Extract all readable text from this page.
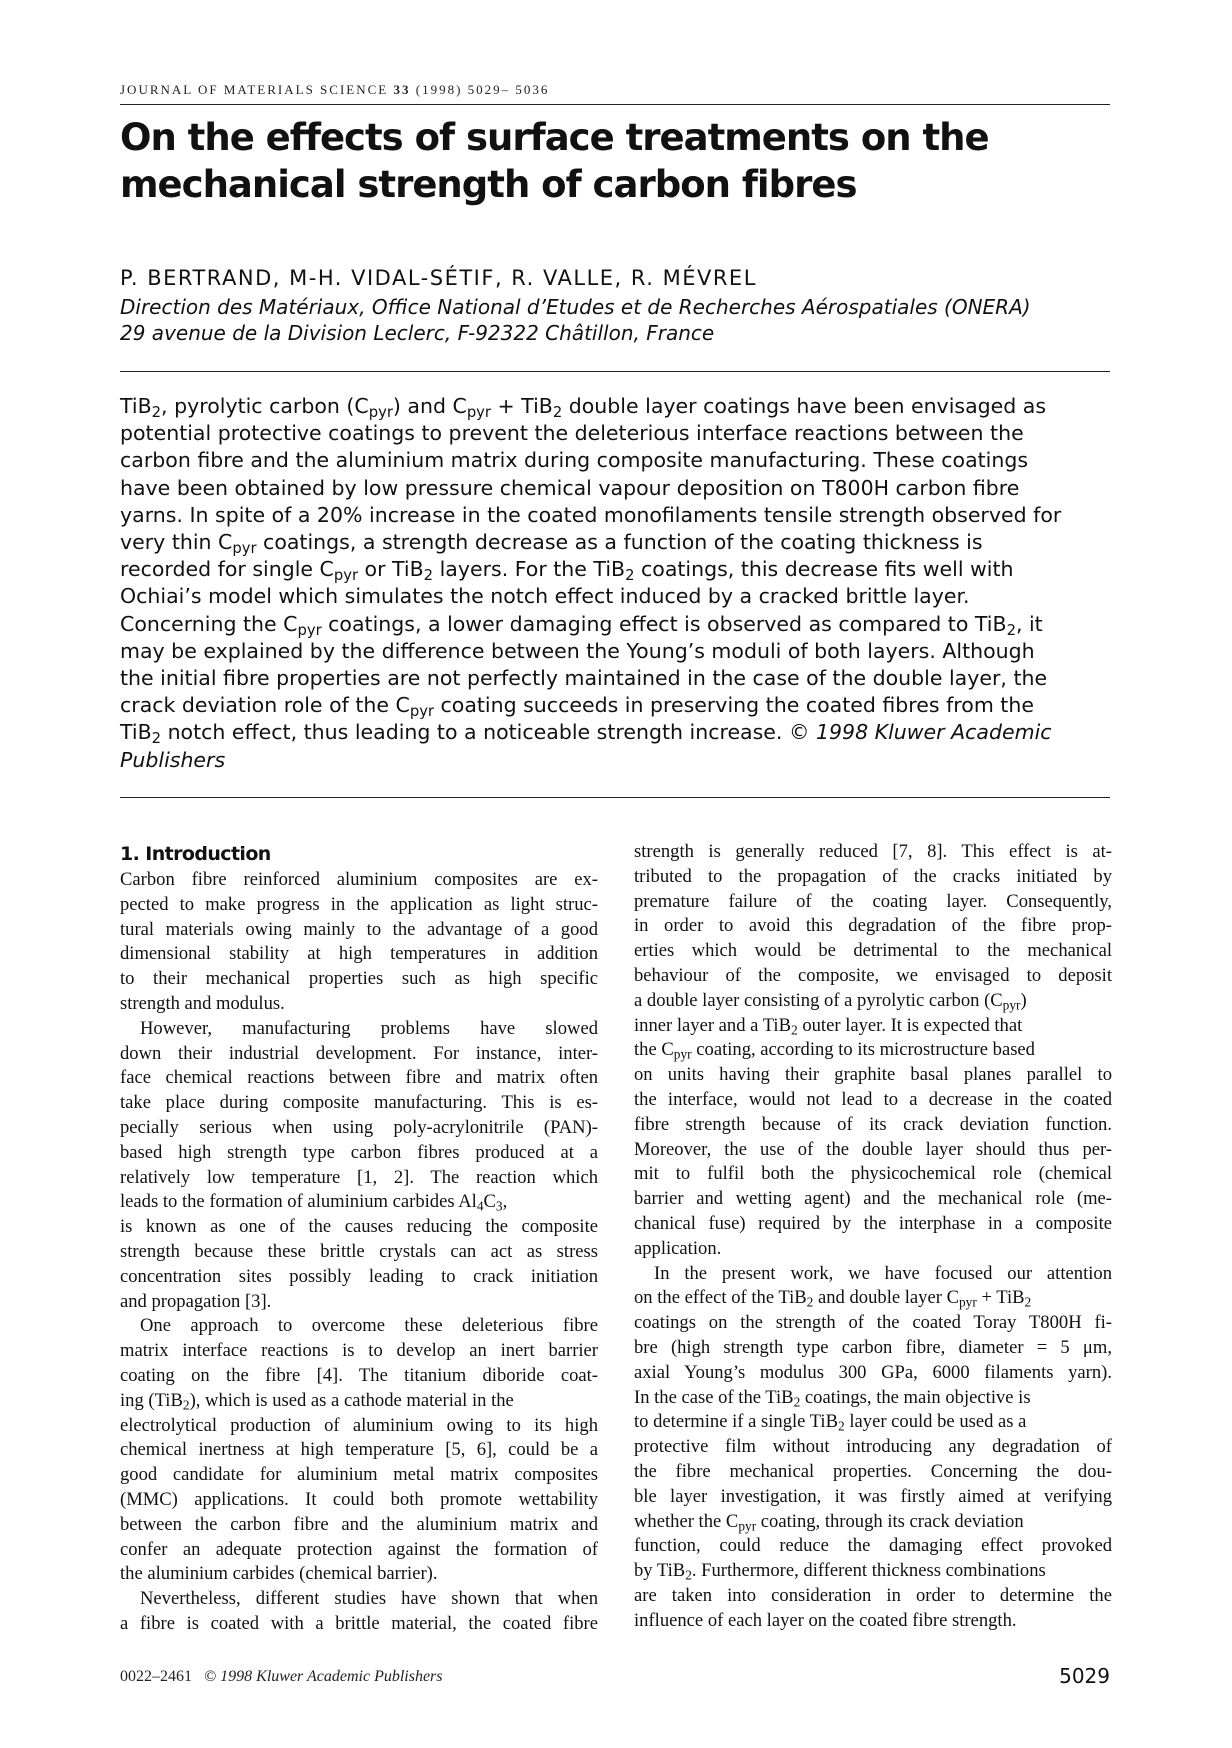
JOURNAL OF MATERIALS SCIENCE 33 (1998) 5029– 5036
On the effects of surface treatments on the
mechanical strength of carbon fibres
P. BERTRAND, M-H. VIDAL-SÉTIF, R. VALLE, R. MÉVREL
Direction des Matériaux, Office National d’Etudes et de Recherches Aérospatiales (ONERA)
29 avenue de la Division Leclerc, F-92322 Châtillon, France
TiB$_2$, pyrolytic carbon $(C_{pyr})$ and $C_{pyr} + TiB_2$ double layer coatings have been envisaged as
potential protective coatings to prevent the deleterious interface reactions between the
carbon fibre and the aluminium matrix during composite manufacturing. These coatings
have been obtained by low pressure chemical vapour deposition on T800H carbon fibre
yarns. In spite of a 20% increase in the coated monofilaments tensile strength observed for
very thin $C_{pyr}$ coatings, a strength decrease as a function of the coating thickness is
recorded for single $C_{pyr}$ or TiB$_2$ layers. For the TiB$_2$ coatings, this decrease fits well with
Ochiai’s model which simulates the notch effect induced by a cracked brittle layer.
Concerning the $C_{pyr}$ coatings, a lower damaging effect is observed as compared to TiB$_2$, it
may be explained by the difference between the Young’s moduli of both layers. Although
the initial fibre properties are not perfectly maintained in the case of the double layer, the
crack deviation role of the $C_{pyr}$ coating succeeds in preserving the coated fibres from the
TiB$_2$ notch effect, thus leading to a noticeable strength increase. © 1998 Kluwer Academic
Publishers
1. Introduction
Carbon fibre reinforced aluminium composites are ex-
pected to make progress in the application as light struc-
tural materials owing mainly to the advantage of a good
dimensional stability at high temperatures in addition
to their mechanical properties such as high specific
strength and modulus.
However, manufacturing problems have slowed
down their industrial development. For instance, inter-
face chemical reactions between fibre and matrix often
take place during composite manufacturing. This is es-
pecially serious when using poly-acrylonitrile (PAN)-
based high strength type carbon fibres produced at a
relatively low temperature [1, 2]. The reaction which
leads to the formation of aluminium carbides $Al_4C_3$,
is known as one of the causes reducing the composite
strength because these brittle crystals can act as stress
concentration sites possibly leading to crack initiation
and propagation [3].
One approach to overcome these deleterious fibre
matrix interface reactions is to develop an inert barrier
coating on the fibre [4]. The titanium diboride coat-
ing (TiB$_2$), which is used as a cathode material in the
electrolytical production of aluminium owing to its high
chemical inertness at high temperature [5, 6], could be a
good candidate for aluminium metal matrix composites
(MMC) applications. It could both promote wettability
between the carbon fibre and the aluminium matrix and
confer an adequate protection against the formation of
the aluminium carbides (chemical barrier).
Nevertheless, different studies have shown that when
a fibre is coated with a brittle material, the coated fibre
strength is generally reduced [7, 8]. This effect is at-
tributed to the propagation of the cracks initiated by
premature failure of the coating layer. Consequently,
in order to avoid this degradation of the fibre prop-
erties which would be detrimental to the mechanical
behaviour of the composite, we envisaged to deposit
a double layer consisting of a pyrolytic carbon $(C_{pyr})$
inner layer and a TiB$_2$ outer layer. It is expected that
the $C_{pyr}$ coating, according to its microstructure based
on units having their graphite basal planes parallel to
the interface, would not lead to a decrease in the coated
fibre strength because of its crack deviation function.
Moreover, the use of the double layer should thus per-
mit to fulfil both the physicochemical role (chemical
barrier and wetting agent) and the mechanical role (me-
chanical fuse) required by the interphase in a composite
application.
In the present work, we have focused our attention
on the effect of the TiB$_2$ and double layer $C_{pyr} + TiB_2$
coatings on the strength of the coated Toray T800H fi-
bre (high strength type carbon fibre, diameter = 5 μm,
axial Young’s modulus 300 GPa, 6000 filaments yarn).
In the case of the TiB$_2$ coatings, the main objective is
to determine if a single TiB$_2$ layer could be used as a
protective film without introducing any degradation of
the fibre mechanical properties. Concerning the dou-
ble layer investigation, it was firstly aimed at verifying
whether the $C_{pyr}$ coating, through its crack deviation
function, could reduce the damaging effect provoked
by TiB$_2$. Furthermore, different thickness combinations
are taken into consideration in order to determine the
influence of each layer on the coated fibre strength.
0022–2461 © 1998 Kluwer Academic Publishers	5029
